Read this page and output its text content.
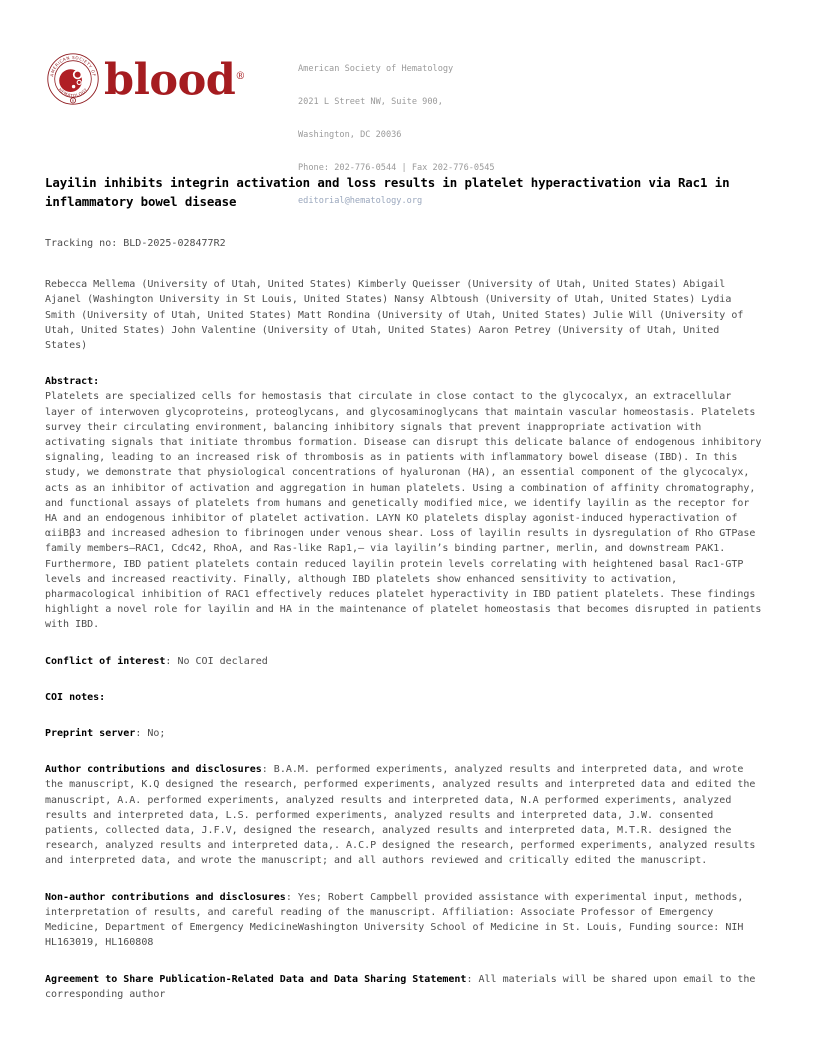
AMERICAN SOCIETY OF
HEMATOLOGY
R blood®

American Society of Hematology

2021 L Street NW, Suite 900,

Washington, DC 20036

Phone: 202-776-0544 | Fax 202-776-0545

editorial@hematology.org

Layilin inhibits integrin activation and loss results in platelet hyperactivation via Rac1 in inflammatory bowel disease
Tracking no: BLD-2025-028477R2
Rebecca Mellema (University of Utah, United States) Kimberly Queisser (University of Utah, United States) Abigail Ajanel (Washington University in St Louis, United States) Nansy Albtoush (University of Utah, United States) Lydia Smith (University of Utah, United States) Matt Rondina (University of Utah, United States) Julie Will (University of Utah, United States) John Valentine (University of Utah, United States) Aaron Petrey (University of Utah, United States)
Abstract:
Platelets are specialized cells for hemostasis that circulate in close contact to the glycocalyx, an extracellular layer of interwoven glycoproteins, proteoglycans, and glycosaminoglycans that maintain vascular homeostasis. Platelets survey their circulating environment, balancing inhibitory signals that prevent inappropriate activation with activating signals that initiate thrombus formation. Disease can disrupt this delicate balance of endogenous inhibitory signaling, leading to an increased risk of thrombosis as in patients with inflammatory bowel disease (IBD). In this study, we demonstrate that physiological concentrations of hyaluronan (HA), an essential component of the glycocalyx, acts as an inhibitor of activation and aggregation in human platelets. Using a combination of affinity chromatography, and functional assays of platelets from humans and genetically modified mice, we identify layilin as the receptor for HA and an endogenous inhibitor of platelet activation. LAYN KO platelets display agonist-induced hyperactivation of αiiBβ3 and increased adhesion to fibrinogen under venous shear. Loss of layilin results in dysregulation of Rho GTPase family members—RAC1, Cdc42, RhoA, and Ras-like Rap1,— via layilin’s binding partner, merlin, and downstream PAK1. Furthermore, IBD patient platelets contain reduced layilin protein levels correlating with heightened basal Rac1-GTP levels and increased reactivity. Finally, although IBD platelets show enhanced sensitivity to activation, pharmacological inhibition of RAC1 effectively reduces platelet hyperactivity in IBD patient platelets. These findings highlight a novel role for layilin and HA in the maintenance of platelet homeostasis that becomes disrupted in patients with IBD.
Conflict of interest: No COI declared
COI notes:
Preprint server: No;
Author contributions and disclosures: B.A.M. performed experiments, analyzed results and interpreted data, and wrote the manuscript, K.Q designed the research, performed experiments, analyzed results and interpreted data and edited the manuscript, A.A. performed experiments, analyzed results and interpreted data, N.A performed experiments, analyzed results and interpreted data, L.S. performed experiments, analyzed results and interpreted data, J.W. consented patients, collected data, J.F.V, designed the research, analyzed results and interpreted data, M.T.R. designed the research, analyzed results and interpreted data,. A.C.P designed the research, performed experiments, analyzed results and interpreted data, and wrote the manuscript; and all authors reviewed and critically edited the manuscript.
Non-author contributions and disclosures: Yes; Robert Campbell provided assistance with experimental input, methods, interpretation of results, and careful reading of the manuscript. Affiliation: Associate Professor of Emergency Medicine, Department of Emergency MedicineWashington University School of Medicine in St. Louis, Funding source: NIH HL163019, HL160808
Agreement to Share Publication-Related Data and Data Sharing Statement: All materials will be shared upon email to the corresponding author
